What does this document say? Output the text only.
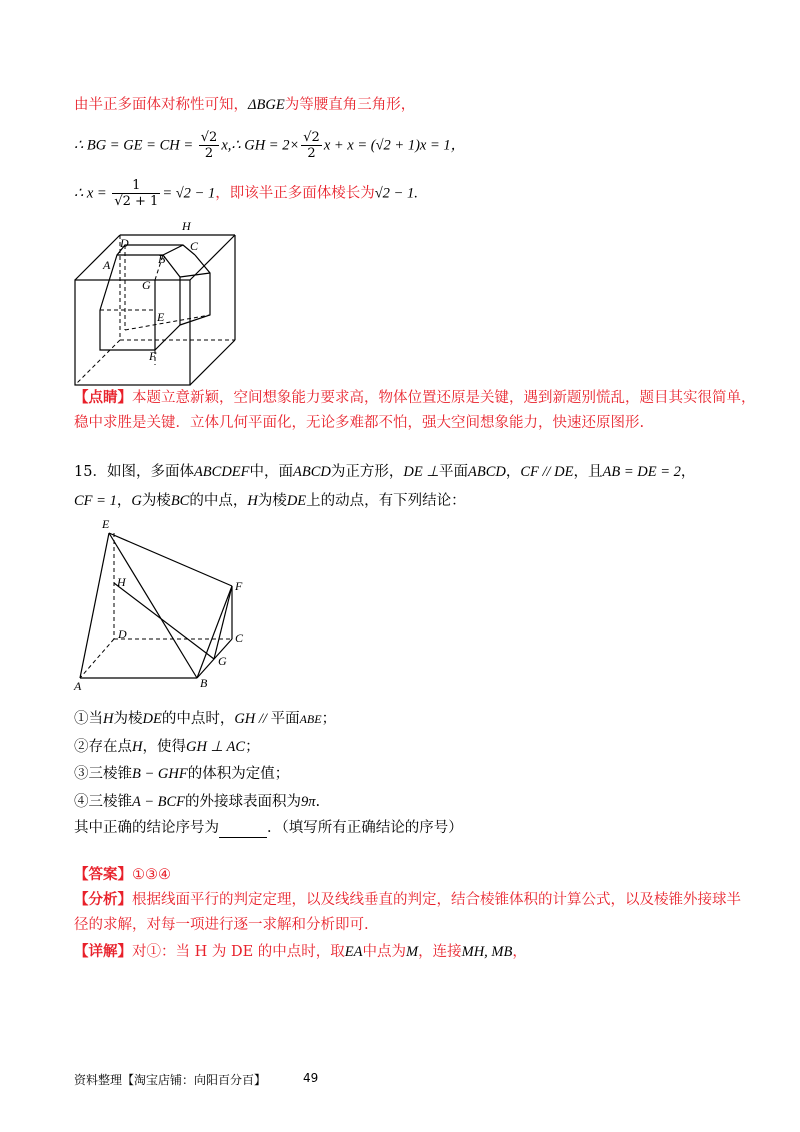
由半正多面体对称性可知，ΔBGE为等腰直角三角形，
∴ BG = GE = CH = $\frac{√2}{2}$ x,∴ GH = $2\times \frac{√2}{2}$ x + x = (√2 + 1)x = 1，
∴ $x = \frac{1}{√2 + 1} = √2 - 1$，即该半正多面体棱长为√2 − 1.
H
D	C
A	B
G
E
F
【点睛】本题立意新颖，空间想象能力要求高，物体位置还原是关键，遇到新题别慌乱，题目其实很简单，
稳中求胜是关键．立体几何平面化，无论多难都不怕，强大空间想象能力，快速还原图形.
15．如图，多面体ABCDEF中，面ABCD为正方形，DE ⊥平面ABCD，CF // DE，且AB = DE = 2，
CF = 1，G为棱BC的中点，H为棱DE上的动点，有下列结论：
E
H	F
D	C
G
A	B
①当H为棱DE的中点时，GH // 平面ABE；
②存在点H，使得GH ⊥ AC；
③三棱锥B − GHF的体积为定值；
④三棱锥A − BCF的外接球表面积为9π.
其中正确的结论序号为	．（填写所有正确结论的序号）
【答案】①③④
【分析】根据线面平行的判定定理，以及线线垂直的判定，结合棱锥体积的计算公式，以及棱锥外接球半
径的求解，对每一项进行逐一求解和分析即可.
【详解】对①：当 H 为 DE 的中点时，取EA中点为M，连接MH, MB，
资料整理【淘宝店铺：向阳百分百】	49
